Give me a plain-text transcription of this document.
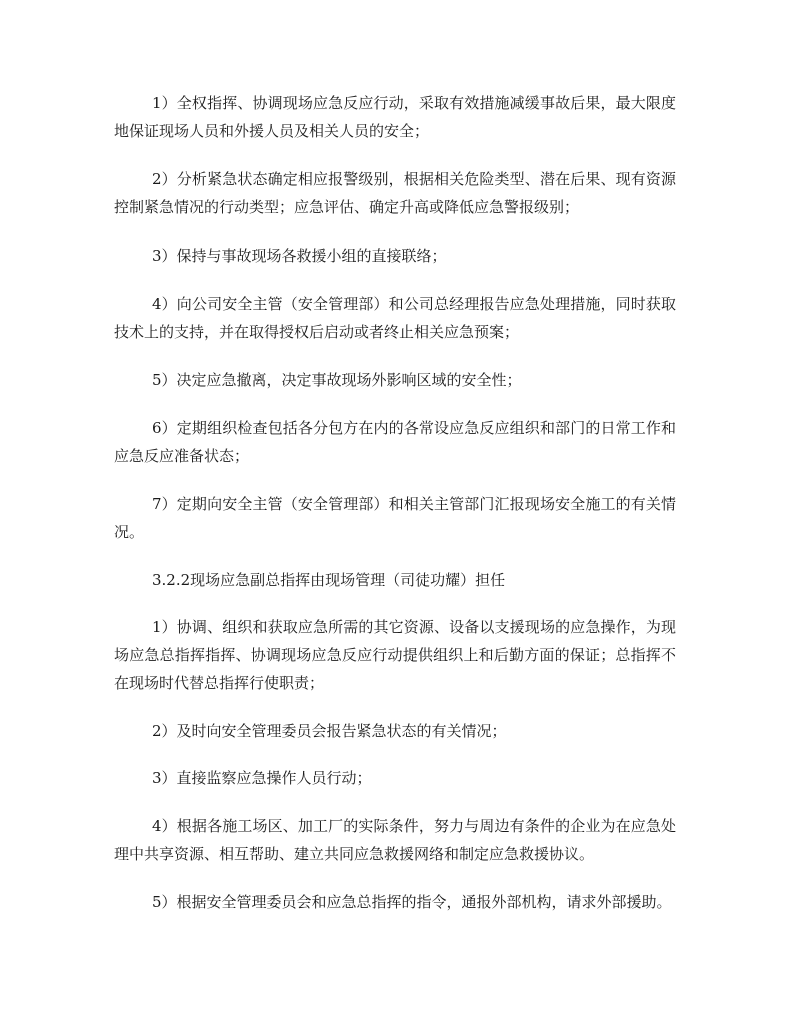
1）全权指挥、协调现场应急反应行动，采取有效措施减缓事故后果，最大限度地保证现场人员和外援人员及相关人员的安全；

2）分析紧急状态确定相应报警级别，根据相关危险类型、潜在后果、现有资源控制紧急情况的行动类型；应急评估、确定升高或降低应急警报级别；

3）保持与事故现场各救援小组的直接联络；

4）向公司安全主管（安全管理部）和公司总经理报告应急处理措施，同时获取技术上的支持，并在取得授权后启动或者终止相关应急预案；

5）决定应急撤离，决定事故现场外影响区域的安全性；

6）定期组织检查包括各分包方在内的各常设应急反应组织和部门的日常工作和应急反应准备状态；

7）定期向安全主管（安全管理部）和相关主管部门汇报现场安全施工的有关情况。

3.2.2现场应急副总指挥由现场管理（司徒功耀）担任

1）协调、组织和获取应急所需的其它资源、设备以支援现场的应急操作，为现场应急总指挥指挥、协调现场应急反应行动提供组织上和后勤方面的保证；总指挥不在现场时代替总指挥行使职责；

2）及时向安全管理委员会报告紧急状态的有关情况；

3）直接监察应急操作人员行动；

4）根据各施工场区、加工厂的实际条件，努力与周边有条件的企业为在应急处理中共享资源、相互帮助、建立共同应急救援网络和制定应急救援协议。

5）根据安全管理委员会和应急总指挥的指令，通报外部机构，请求外部援助。
